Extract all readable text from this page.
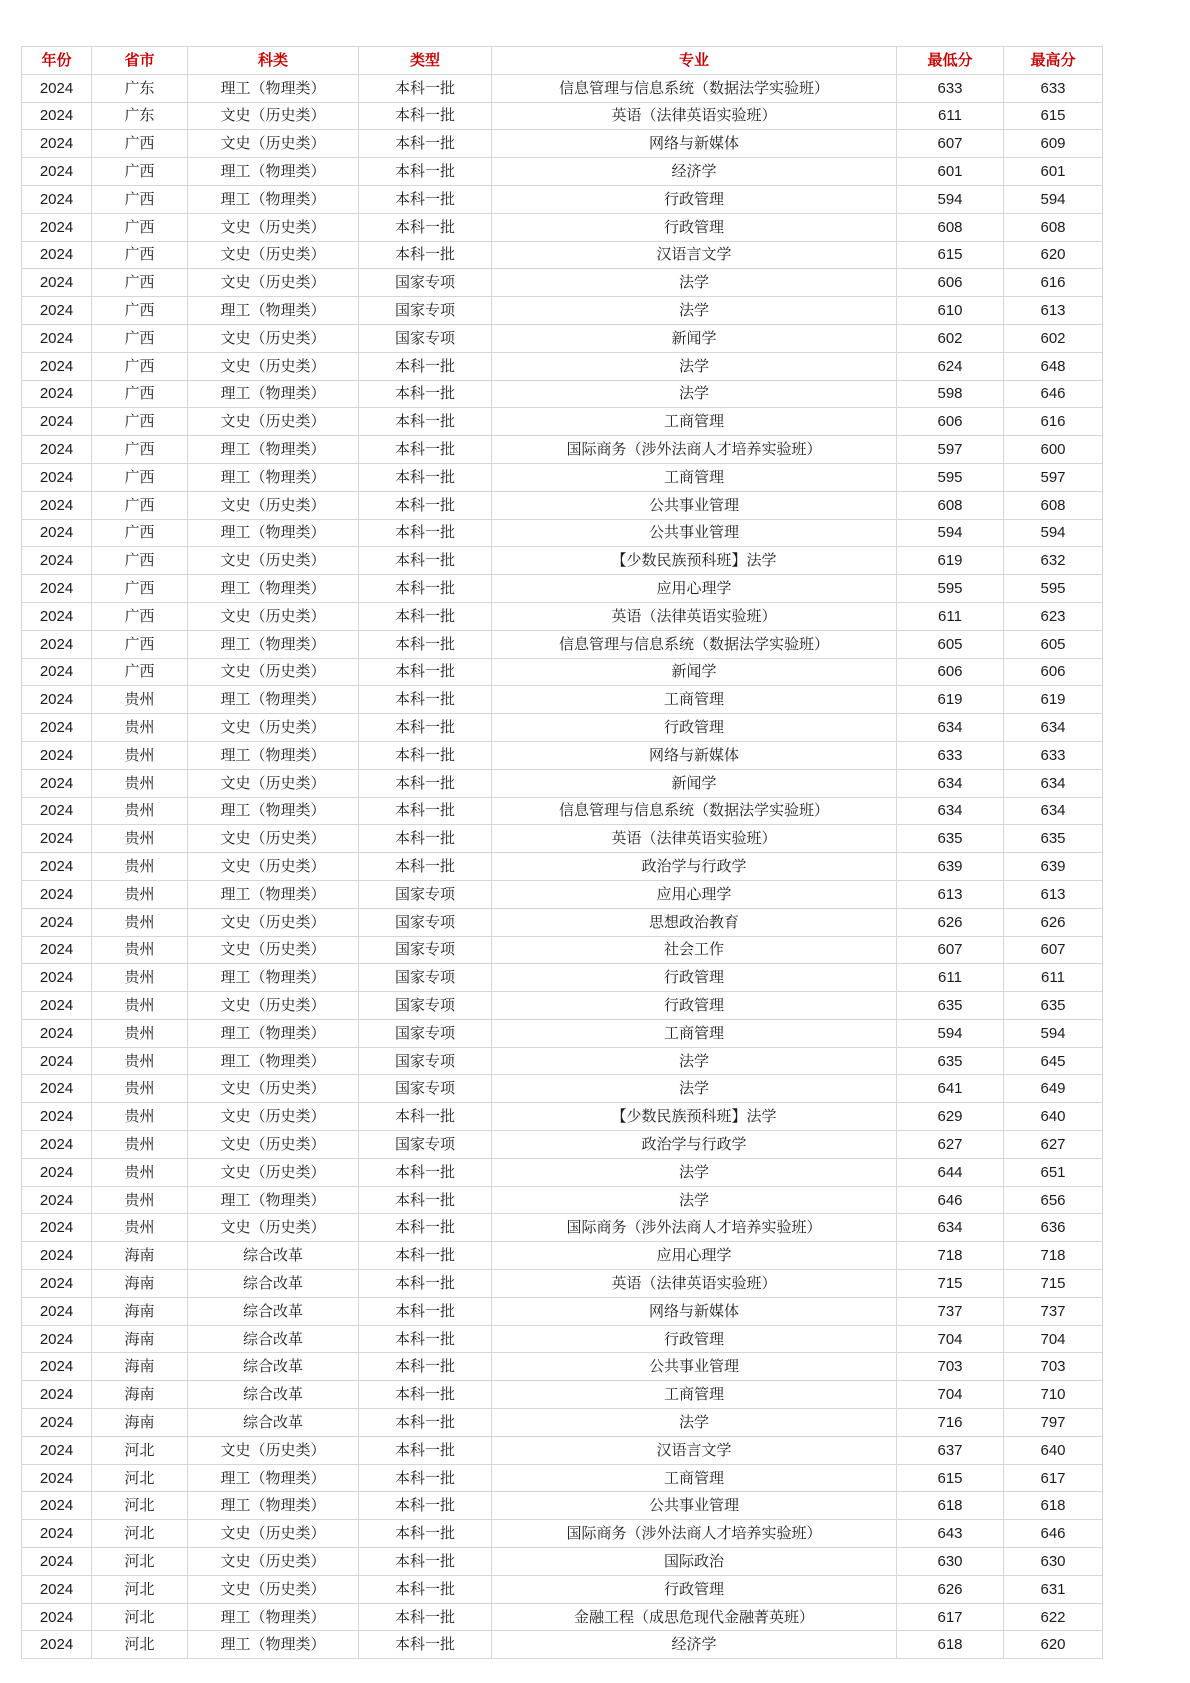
年份	省市	科类	类型	专业	最低分	最高分
2024	广东	理工（物理类）	本科一批	信息管理与信息系统（数据法学实验班）	633	633
2024	广东	文史（历史类）	本科一批	英语（法律英语实验班）	611	615
2024	广西	文史（历史类）	本科一批	网络与新媒体	607	609
2024	广西	理工（物理类）	本科一批	经济学	601	601
2024	广西	理工（物理类）	本科一批	行政管理	594	594
2024	广西	文史（历史类）	本科一批	行政管理	608	608
2024	广西	文史（历史类）	本科一批	汉语言文学	615	620
2024	广西	文史（历史类）	国家专项	法学	606	616
2024	广西	理工（物理类）	国家专项	法学	610	613
2024	广西	文史（历史类）	国家专项	新闻学	602	602
2024	广西	文史（历史类）	本科一批	法学	624	648
2024	广西	理工（物理类）	本科一批	法学	598	646
2024	广西	文史（历史类）	本科一批	工商管理	606	616
2024	广西	理工（物理类）	本科一批	国际商务（涉外法商人才培养实验班）	597	600
2024	广西	理工（物理类）	本科一批	工商管理	595	597
2024	广西	文史（历史类）	本科一批	公共事业管理	608	608
2024	广西	理工（物理类）	本科一批	公共事业管理	594	594
2024	广西	文史（历史类）	本科一批	【少数民族预科班】法学	619	632
2024	广西	理工（物理类）	本科一批	应用心理学	595	595
2024	广西	文史（历史类）	本科一批	英语（法律英语实验班）	611	623
2024	广西	理工（物理类）	本科一批	信息管理与信息系统（数据法学实验班）	605	605
2024	广西	文史（历史类）	本科一批	新闻学	606	606
2024	贵州	理工（物理类）	本科一批	工商管理	619	619
2024	贵州	文史（历史类）	本科一批	行政管理	634	634
2024	贵州	理工（物理类）	本科一批	网络与新媒体	633	633
2024	贵州	文史（历史类）	本科一批	新闻学	634	634
2024	贵州	理工（物理类）	本科一批	信息管理与信息系统（数据法学实验班）	634	634
2024	贵州	文史（历史类）	本科一批	英语（法律英语实验班）	635	635
2024	贵州	文史（历史类）	本科一批	政治学与行政学	639	639
2024	贵州	理工（物理类）	国家专项	应用心理学	613	613
2024	贵州	文史（历史类）	国家专项	思想政治教育	626	626
2024	贵州	文史（历史类）	国家专项	社会工作	607	607
2024	贵州	理工（物理类）	国家专项	行政管理	611	611
2024	贵州	文史（历史类）	国家专项	行政管理	635	635
2024	贵州	理工（物理类）	国家专项	工商管理	594	594
2024	贵州	理工（物理类）	国家专项	法学	635	645
2024	贵州	文史（历史类）	国家专项	法学	641	649
2024	贵州	文史（历史类）	本科一批	【少数民族预科班】法学	629	640
2024	贵州	文史（历史类）	国家专项	政治学与行政学	627	627
2024	贵州	文史（历史类）	本科一批	法学	644	651
2024	贵州	理工（物理类）	本科一批	法学	646	656
2024	贵州	文史（历史类）	本科一批	国际商务（涉外法商人才培养实验班）	634	636
2024	海南	综合改革	本科一批	应用心理学	718	718
2024	海南	综合改革	本科一批	英语（法律英语实验班）	715	715
2024	海南	综合改革	本科一批	网络与新媒体	737	737
2024	海南	综合改革	本科一批	行政管理	704	704
2024	海南	综合改革	本科一批	公共事业管理	703	703
2024	海南	综合改革	本科一批	工商管理	704	710
2024	海南	综合改革	本科一批	法学	716	797
2024	河北	文史（历史类）	本科一批	汉语言文学	637	640
2024	河北	理工（物理类）	本科一批	工商管理	615	617
2024	河北	理工（物理类）	本科一批	公共事业管理	618	618
2024	河北	文史（历史类）	本科一批	国际商务（涉外法商人才培养实验班）	643	646
2024	河北	文史（历史类）	本科一批	国际政治	630	630
2024	河北	文史（历史类）	本科一批	行政管理	626	631
2024	河北	理工（物理类）	本科一批	金融工程（成思危现代金融菁英班）	617	622
2024	河北	理工（物理类）	本科一批	经济学	618	620
